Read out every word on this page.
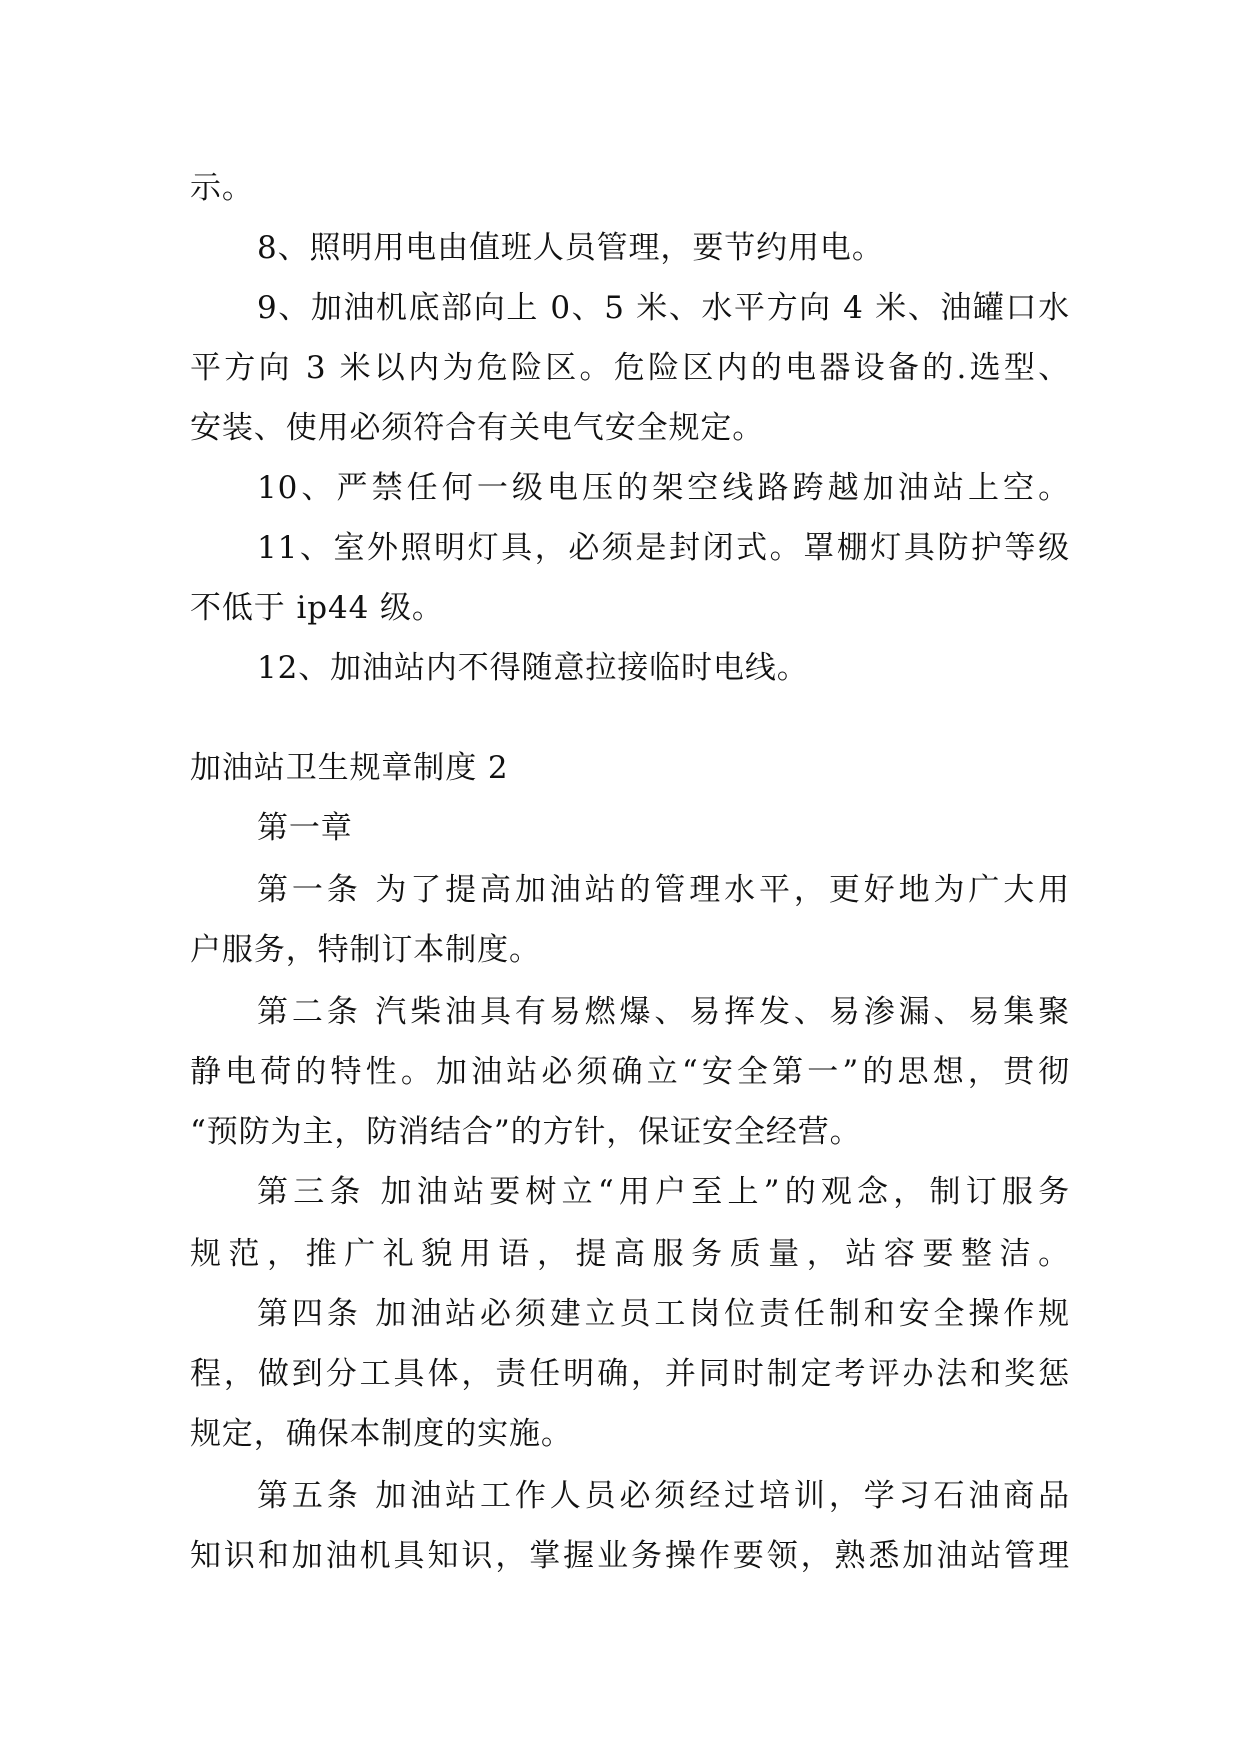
示。
8、照明用电由值班人员管理，要节约用电。
9、加油机底部向上 0、5 米、水平方向 4 米、油罐口水
平方向 3 米以内为危险区。危险区内的电器设备的.选型、
安装、使用必须符合有关电气安全规定。
10、严禁任何一级电压的架空线路跨越加油站上空。
11、室外照明灯具，必须是封闭式。罩棚灯具防护等级
不低于 ip44 级。
12、加油站内不得随意拉接临时电线。
加油站卫生规章制度 2
第一章
第一条 为了提高加油站的管理水平，更好地为广大用
户服务，特制订本制度。
第二条 汽柴油具有易燃爆、易挥发、易渗漏、易集聚
静电荷的特性。加油站必须确立“安全第一”的思想，贯彻
“预防为主，防消结合”的方针，保证安全经营。
第三条 加油站要树立“用户至上”的观念，制订服务
规范，推广礼貌用语，提高服务质量，站容要整洁。
第四条 加油站必须建立员工岗位责任制和安全操作规
程，做到分工具体，责任明确，并同时制定考评办法和奖惩
规定，确保本制度的实施。
第五条 加油站工作人员必须经过培训，学习石油商品
知识和加油机具知识，掌握业务操作要领，熟悉加油站管理
